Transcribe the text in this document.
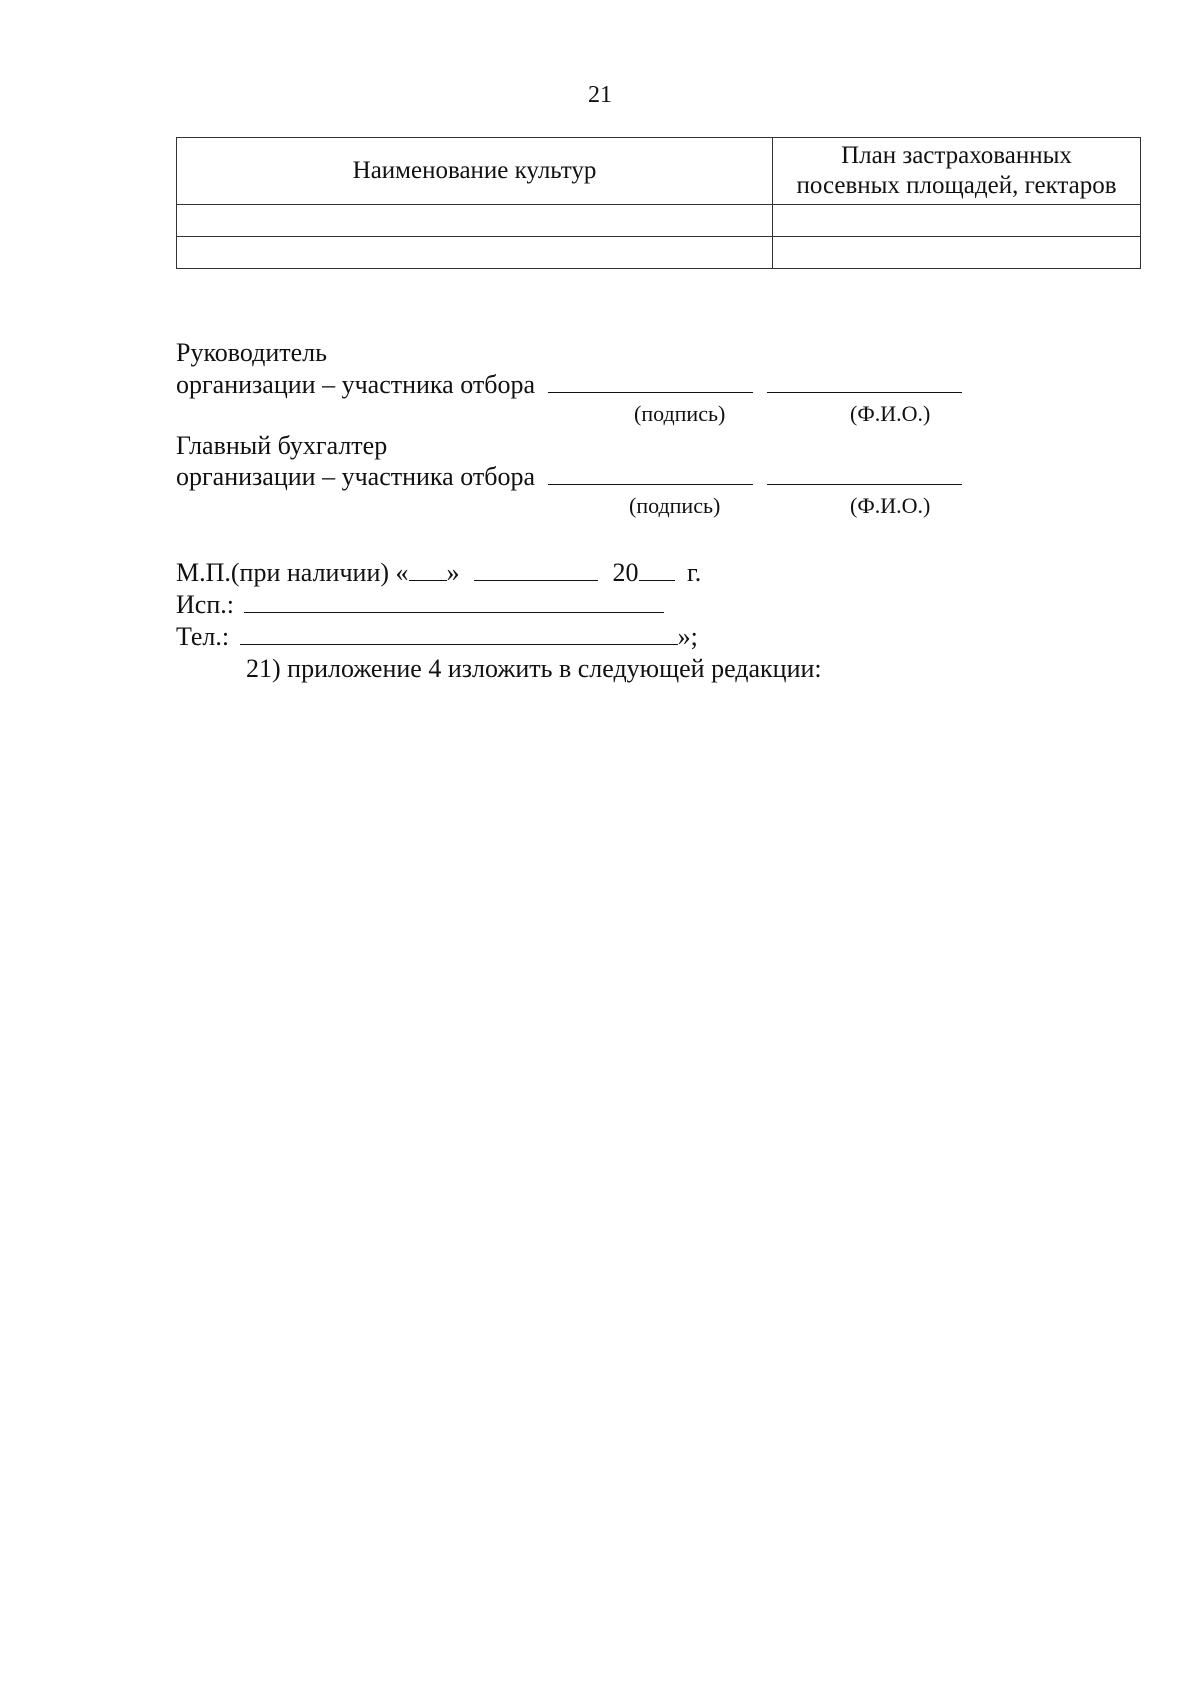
21
Наименование культур	План застрахованных
посевных площадей, гектаров

Руководитель
организации – участника отбора
(подпись)	(Ф.И.О.)
Главный бухгалтер
организации – участника отбора
(подпись)	(Ф.И.О.)
М.П.(при наличии) « »	20 г.
Исп.:
Тел.:	»;
21) приложение 4 изложить в следующей редакции:
